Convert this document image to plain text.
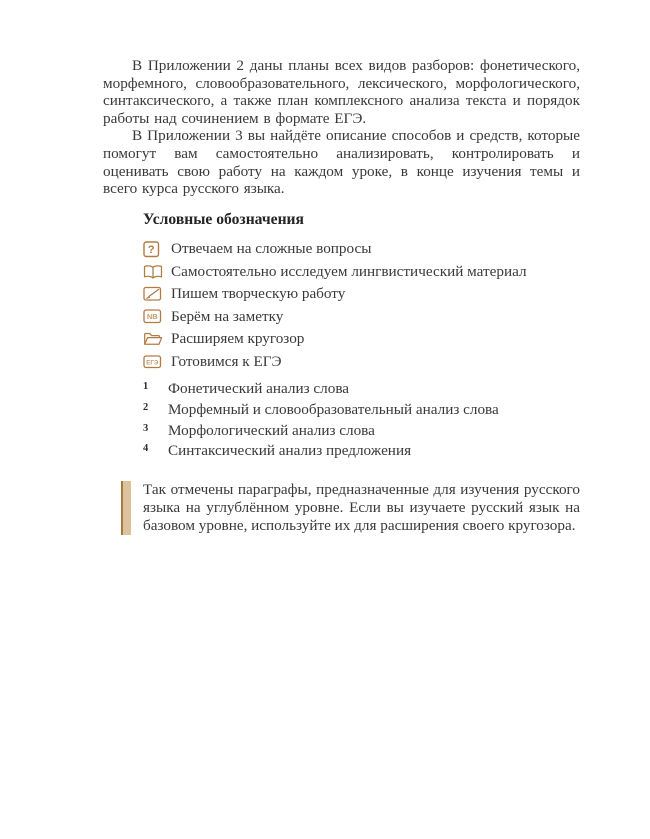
В Приложении 2 даны планы всех видов разборов: фонетического, морфемного, словообразовательного, лексического, морфологического, синтаксического, а также план комплексного анализа текста и порядок работы над сочинением в формате ЕГЭ.

В Приложении 3 вы найдёте описание способов и средств, которые помогут вам самостоятельно анализировать, контролировать и оценивать свою работу на каждом уроке, в конце изучения темы и всего курса русского языка.

Условные обозначения
? Отвечаем на сложные вопросы
Самостоятельно исследуем лингвистический материал
Пишем творческую работу
NB Берём на заметку
Расширяем кругозор
ЕГЭ Готовимся к ЕГЭ
1	Фонетический анализ слова
2	Морфемный и словообразовательный анализ слова
3	Морфологический анализ слова
4	Синтаксический анализ предложения

Так отмечены параграфы, предназначенные для изучения русского языка на углублённом уровне. Если вы изучаете русский язык на базовом уровне, используйте их для расширения своего кругозора.
